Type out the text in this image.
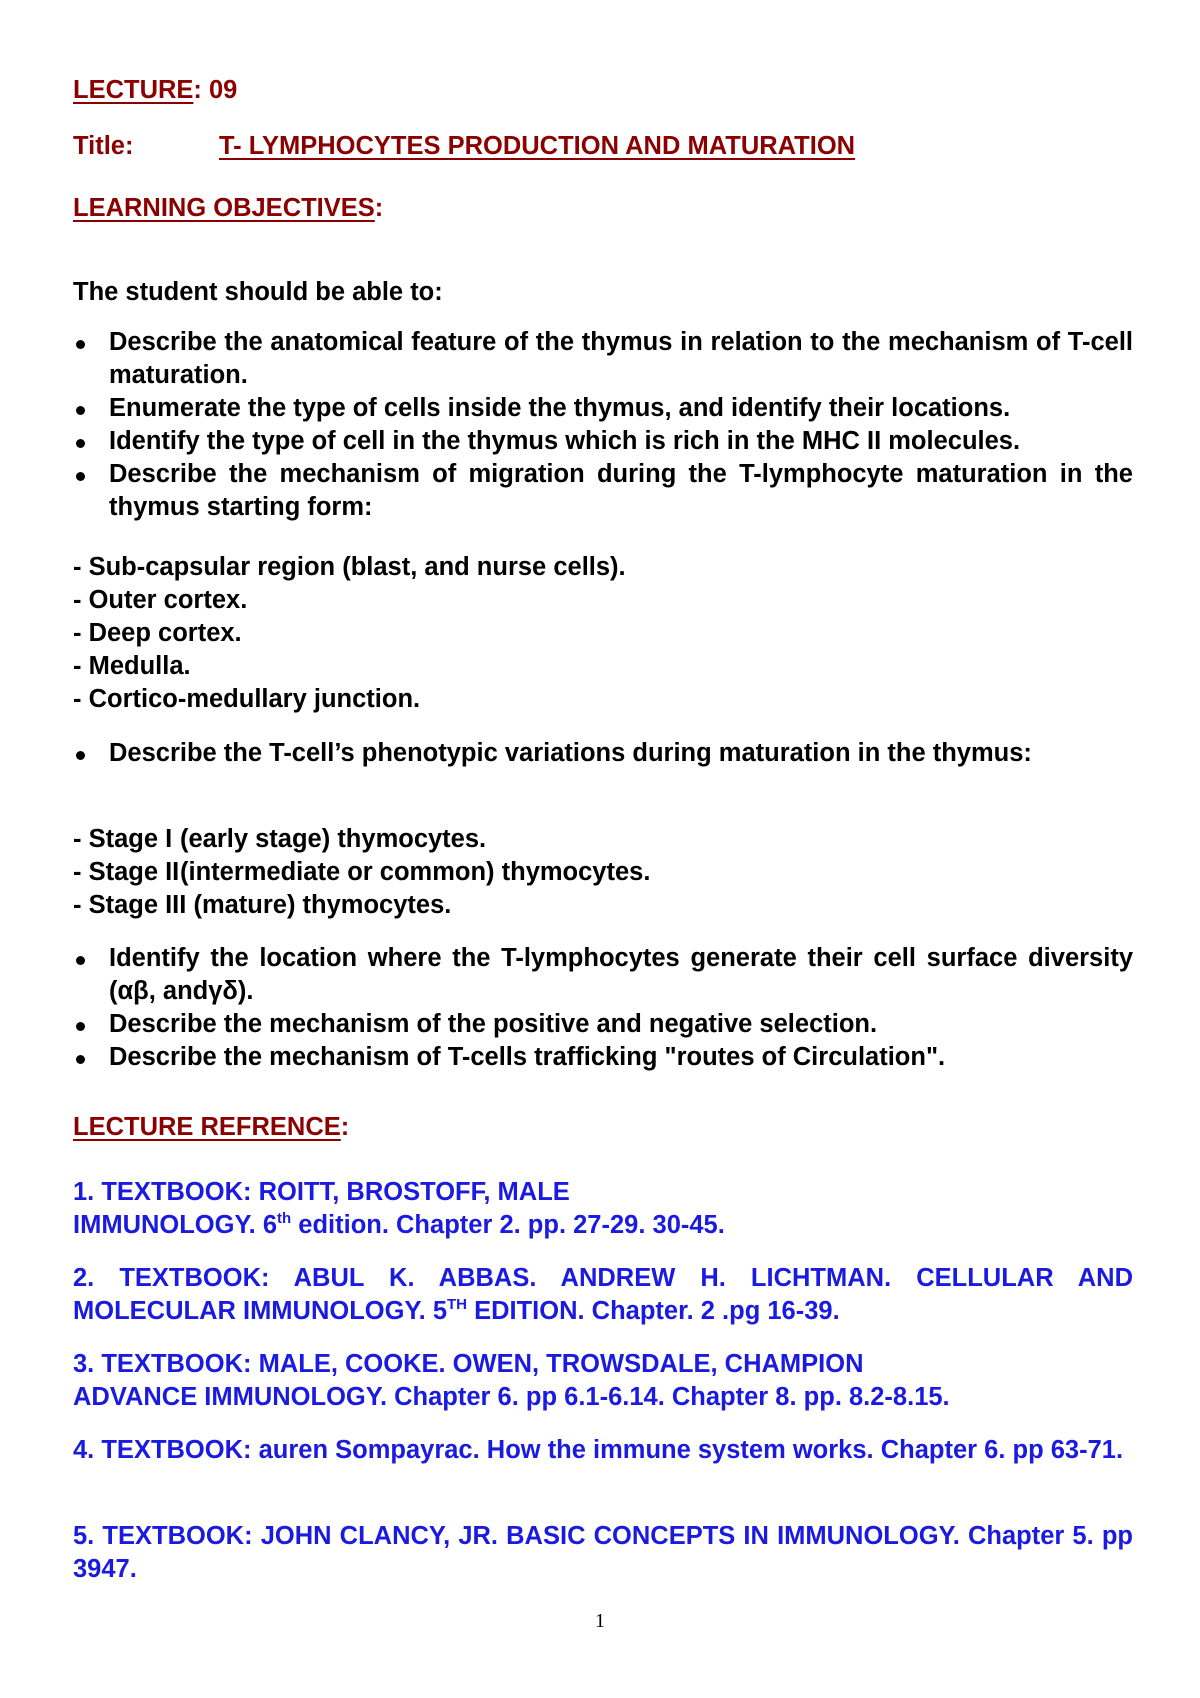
LECTURE: 09
Title:	T- LYMPHOCYTES PRODUCTION AND MATURATION
LEARNING OBJECTIVES:
The student should be able to:
Describe the anatomical feature of the thymus in relation to the mechanism of T-cell maturation.
Enumerate the type of cells inside the thymus, and identify their locations.
Identify the type of cell in the thymus which is rich in the MHC II molecules.
Describe the mechanism of migration during the T-lymphocyte maturation in the thymus starting form:
- Sub-capsular region (blast, and nurse cells).
- Outer cortex.
- Deep cortex.
- Medulla.
- Cortico-medullary junction.
Describe the T-cell’s phenotypic variations during maturation in the thymus:
- Stage I (early stage) thymocytes.
- Stage II(intermediate or common) thymocytes.
- Stage III (mature) thymocytes.
Identify the location where the T-lymphocytes generate their cell surface diversity (αβ, andγδ).
Describe the mechanism of the positive and negative selection.
Describe the mechanism of T-cells trafficking "routes of Circulation".
LECTURE REFRENCE:
1. TEXTBOOK: ROITT, BROSTOFF, MALE
IMMUNOLOGY. 6th edition. Chapter 2. pp. 27-29. 30-45.
2. TEXTBOOK: ABUL K. ABBAS. ANDREW H. LICHTMAN. CELLULAR AND
MOLECULAR IMMUNOLOGY. 5TH EDITION. Chapter. 2 .pg 16-39.
3. TEXTBOOK: MALE, COOKE. OWEN, TROWSDALE, CHAMPION
ADVANCE IMMUNOLOGY. Chapter 6. pp 6.1-6.14. Chapter 8. pp. 8.2-8.15.
4. TEXTBOOK: auren Sompayrac. How the immune system works. Chapter 6. pp 63-71.
5. TEXTBOOK: JOHN CLANCY, JR. BASIC CONCEPTS IN IMMUNOLOGY. Chapter 5. pp 3947.
1
